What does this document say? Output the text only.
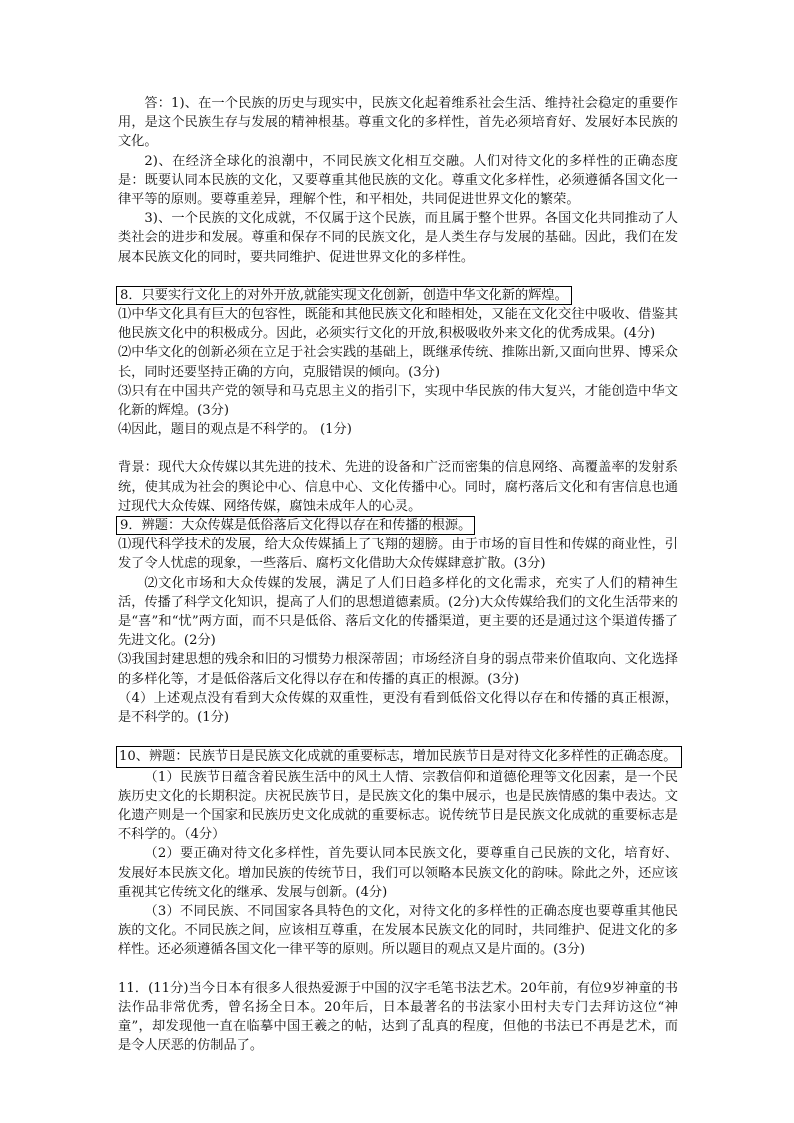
答：1)、在一个民族的历史与现实中，民族文化起着维系社会生活、维持社会稳定的重要作用，是这个民族生存与发展的精神根基。尊重文化的多样性，首先必须培育好、发展好本民族的文化。

2)、在经济全球化的浪潮中，不同民族文化相互交融。人们对待文化的多样性的正确态度是：既要认同本民族的文化，又要尊重其他民族的文化。尊重文化多样性，必须遵循各国文化一律平等的原则。要尊重差异，理解个性，和平相处，共同促进世界文化的繁荣。

3)、一个民族的文化成就，不仅属于这个民族，而且属于整个世界。各国文化共同推动了人类社会的进步和发展。尊重和保存不同的民族文化，是人类生存与发展的基础。因此，我们在发展本民族文化的同时，要共同维护、促进世界文化的多样性。

8．只要实行文化上的对外开放,就能实现文化创新，创造中华文化新的辉煌。

⑴中华文化具有巨大的包容性，既能和其他民族文化和睦相处，又能在文化交往中吸收、借鉴其他民族文化中的积极成分。因此，必须实行文化的开放,积极吸收外来文化的优秀成果。(4分)

⑵中华文化的创新必须在立足于社会实践的基础上，既继承传统、推陈出新,又面向世界、博采众长，同时还要坚持正确的方向，克服错误的倾向。(3分)

⑶只有在中国共产党的领导和马克思主义的指引下，实现中华民族的伟大复兴，才能创造中华文化新的辉煌。(3分)

⑷因此，题目的观点是不科学的。 (1分)

背景：现代大众传媒以其先进的技术、先进的设备和广泛而密集的信息网络、高覆盖率的发射系统，使其成为社会的舆论中心、信息中心、文化传播中心。同时，腐朽落后文化和有害信息也通过现代大众传媒、网络传媒，腐蚀未成年人的心灵。

9．辨题：大众传媒是低俗落后文化得以存在和传播的根源。

⑴现代科学技术的发展，给大众传媒插上了飞翔的翅膀。由于市场的盲目性和传媒的商业性，引发了令人忧虑的现象，一些落后、腐朽文化借助大众传媒肆意扩散。(3分)

⑵文化市场和大众传媒的发展，满足了人们日趋多样化的文化需求，充实了人们的精神生活，传播了科学文化知识，提高了人们的思想道德素质。(2分)大众传媒给我们的文化生活带来的是“喜”和“忧”两方面，而不只是低俗、落后文化的传播渠道，更主要的还是通过这个渠道传播了先进文化。(2分)

⑶我国封建思想的残余和旧的习惯势力根深蒂固；市场经济自身的弱点带来价值取向、文化选择的多样化等，才是低俗落后文化得以存在和传播的真正的根源。(3分)

（4）上述观点没有看到大众传媒的双重性，更没有看到低俗文化得以存在和传播的真正根源，是不科学的。(1分)

10、辨题：民族节日是民族文化成就的重要标志，增加民族节日是对待文化多样性的正确态度。

（1）民族节日蕴含着民族生活中的风土人情、宗教信仰和道德伦理等文化因素，是一个民族历史文化的长期积淀。庆祝民族节日，是民族文化的集中展示，也是民族情感的集中表达。文化遗产则是一个国家和民族历史文化成就的重要标志。说传统节日是民族文化成就的重要标志是不科学的。（4分）

（2）要正确对待文化多样性，首先要认同本民族文化，要尊重自己民族的文化，培育好、发展好本民族文化。增加民族的传统节日，我们可以领略本民族文化的韵味。除此之外，还应该重视其它传统文化的继承、发展与创新。(4分)

（3）不同民族、不同国家各具特色的文化，对待文化的多样性的正确态度也要尊重其他民族的文化。不同民族之间，应该相互尊重，在发展本民族文化的同时，共同维护、促进文化的多样性。还必须遵循各国文化一律平等的原则。所以题目的观点又是片面的。(3分)

11．(11分)当今日本有很多人很热爱源于中国的汉字毛笔书法艺术。20年前，有位9岁神童的书法作品非常优秀，曾名扬全日本。20年后，日本最著名的书法家小田村夫专门去拜访这位“神童”，却发现他一直在临摹中国王羲之的帖，达到了乱真的程度，但他的书法已不再是艺术，而是令人厌恶的仿制品了。
